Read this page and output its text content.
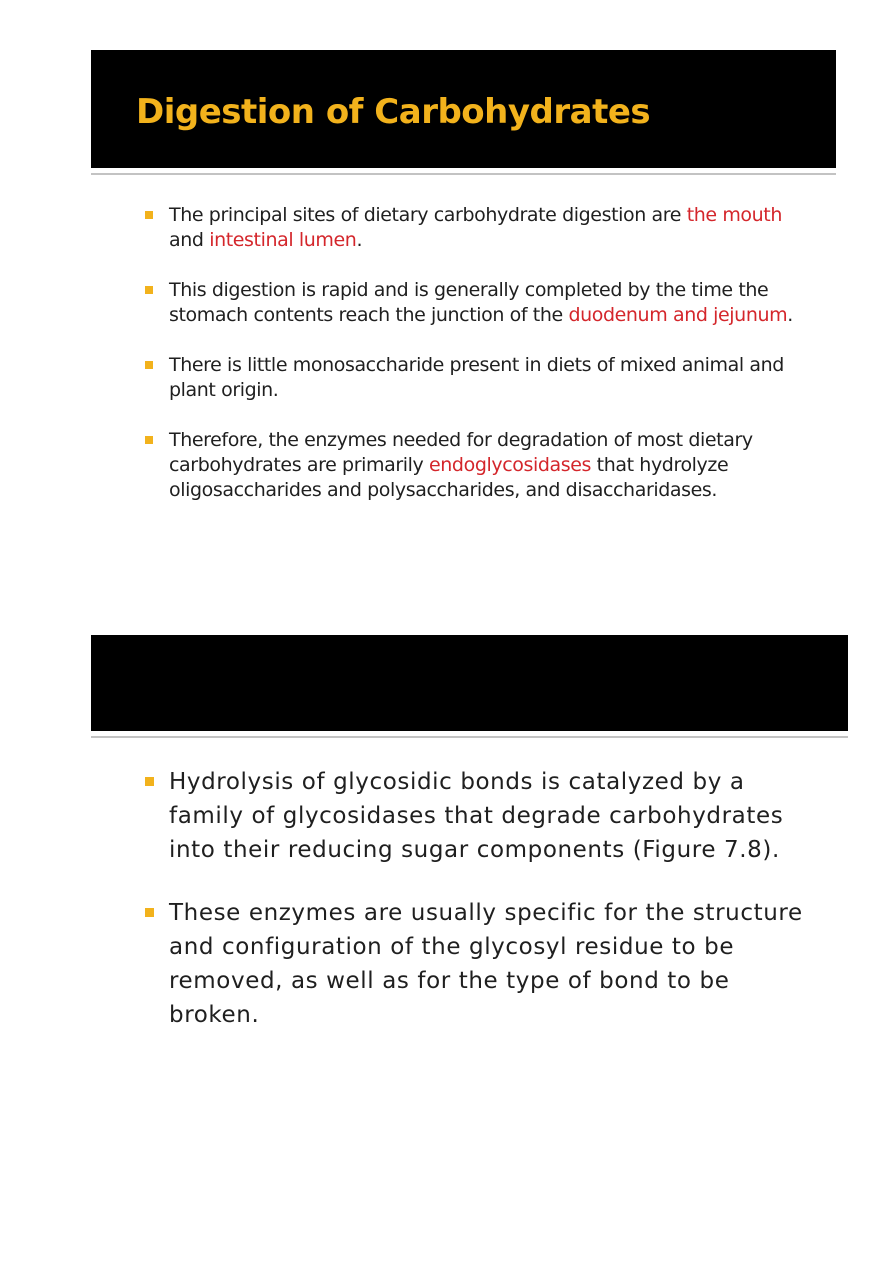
Digestion of Carbohydrates
The principal sites of dietary carbohydrate digestion are the mouth and intestinal lumen.
This digestion is rapid and is generally completed by the time the stomach contents reach the junction of the duodenum and jejunum.
There is little monosaccharide present in diets of mixed animal and plant origin.
Therefore, the enzymes needed for degradation of most dietary carbohydrates are primarily endoglycosidases that hydrolyze oligosaccharides and polysaccharides, and disaccharidases.
Hydrolysis of glycosidic bonds is catalyzed by a family of glycosidases that degrade carbohydrates into their reducing sugar components (Figure 7.8).
These enzymes are usually specific for the structure and configuration of the glycosyl residue to be removed, as well as for the type of bond to be broken.
